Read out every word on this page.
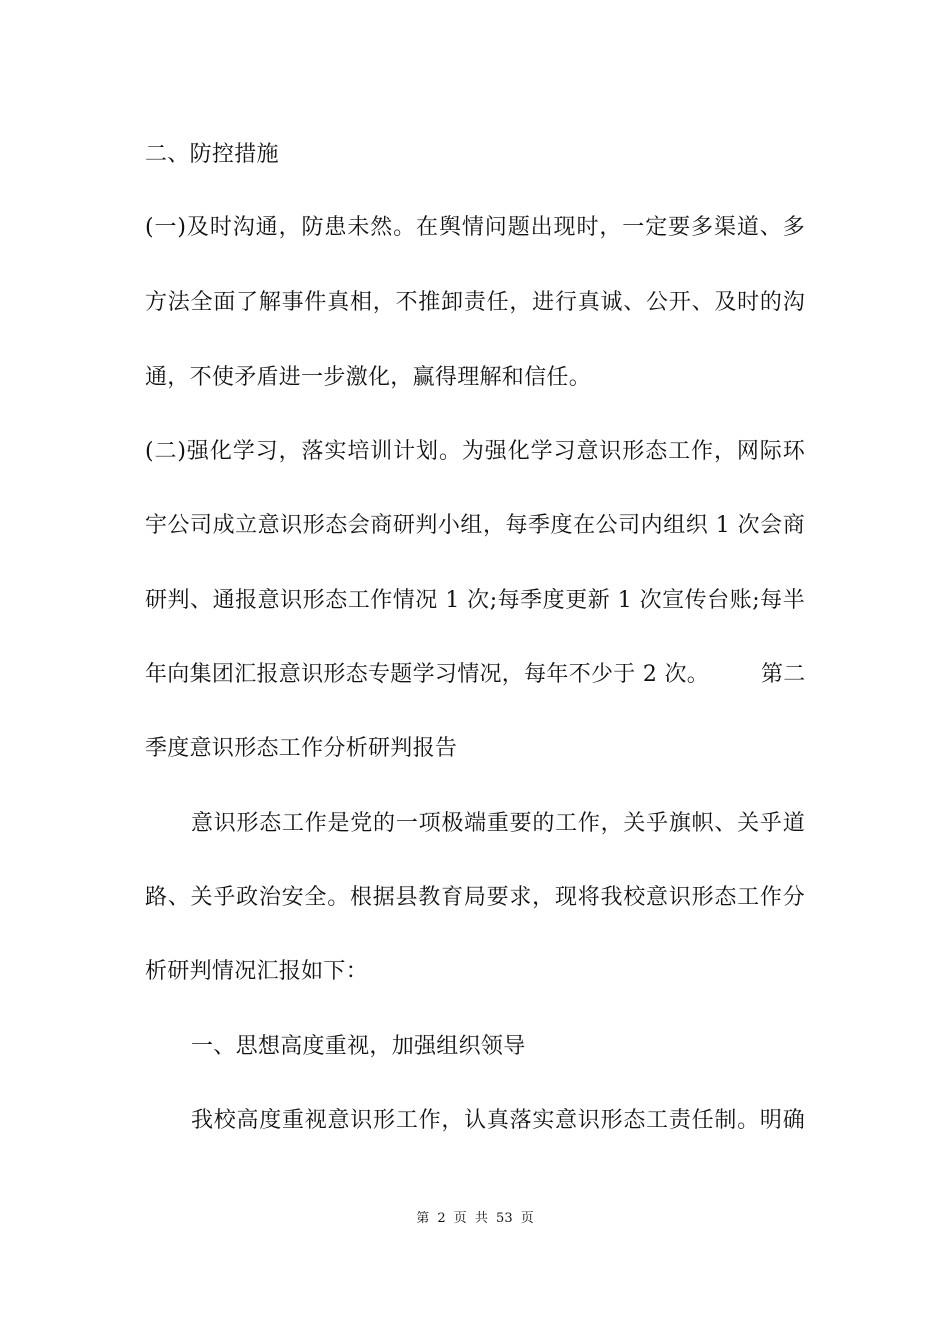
二、防控措施
(一)及时沟通，防患未然。在舆情问题出现时，一定要多渠道、多
方法全面了解事件真相，不推卸责任，进行真诚、公开、及时的沟
通，不使矛盾进一步激化，赢得理解和信任。
(二)强化学习，落实培训计划。为强化学习意识形态工作，网际环
宇公司成立意识形态会商研判小组，每季度在公司内组织 1 次会商
研判、通报意识形态工作情况 1 次;每季度更新 1 次宣传台账;每半
年向集团汇报意识形态专题学习情况，每年不少于 2 次。	第二
季度意识形态工作分析研判报告
意识形态工作是党的一项极端重要的工作，关乎旗帜、关乎道
路、关乎政治安全。根据县教育局要求，现将我校意识形态工作分
析研判情况汇报如下：
一、思想高度重视，加强组织领导
我校高度重视意识形工作，认真落实意识形态工责任制。明确
第 2 页 共 53 页
